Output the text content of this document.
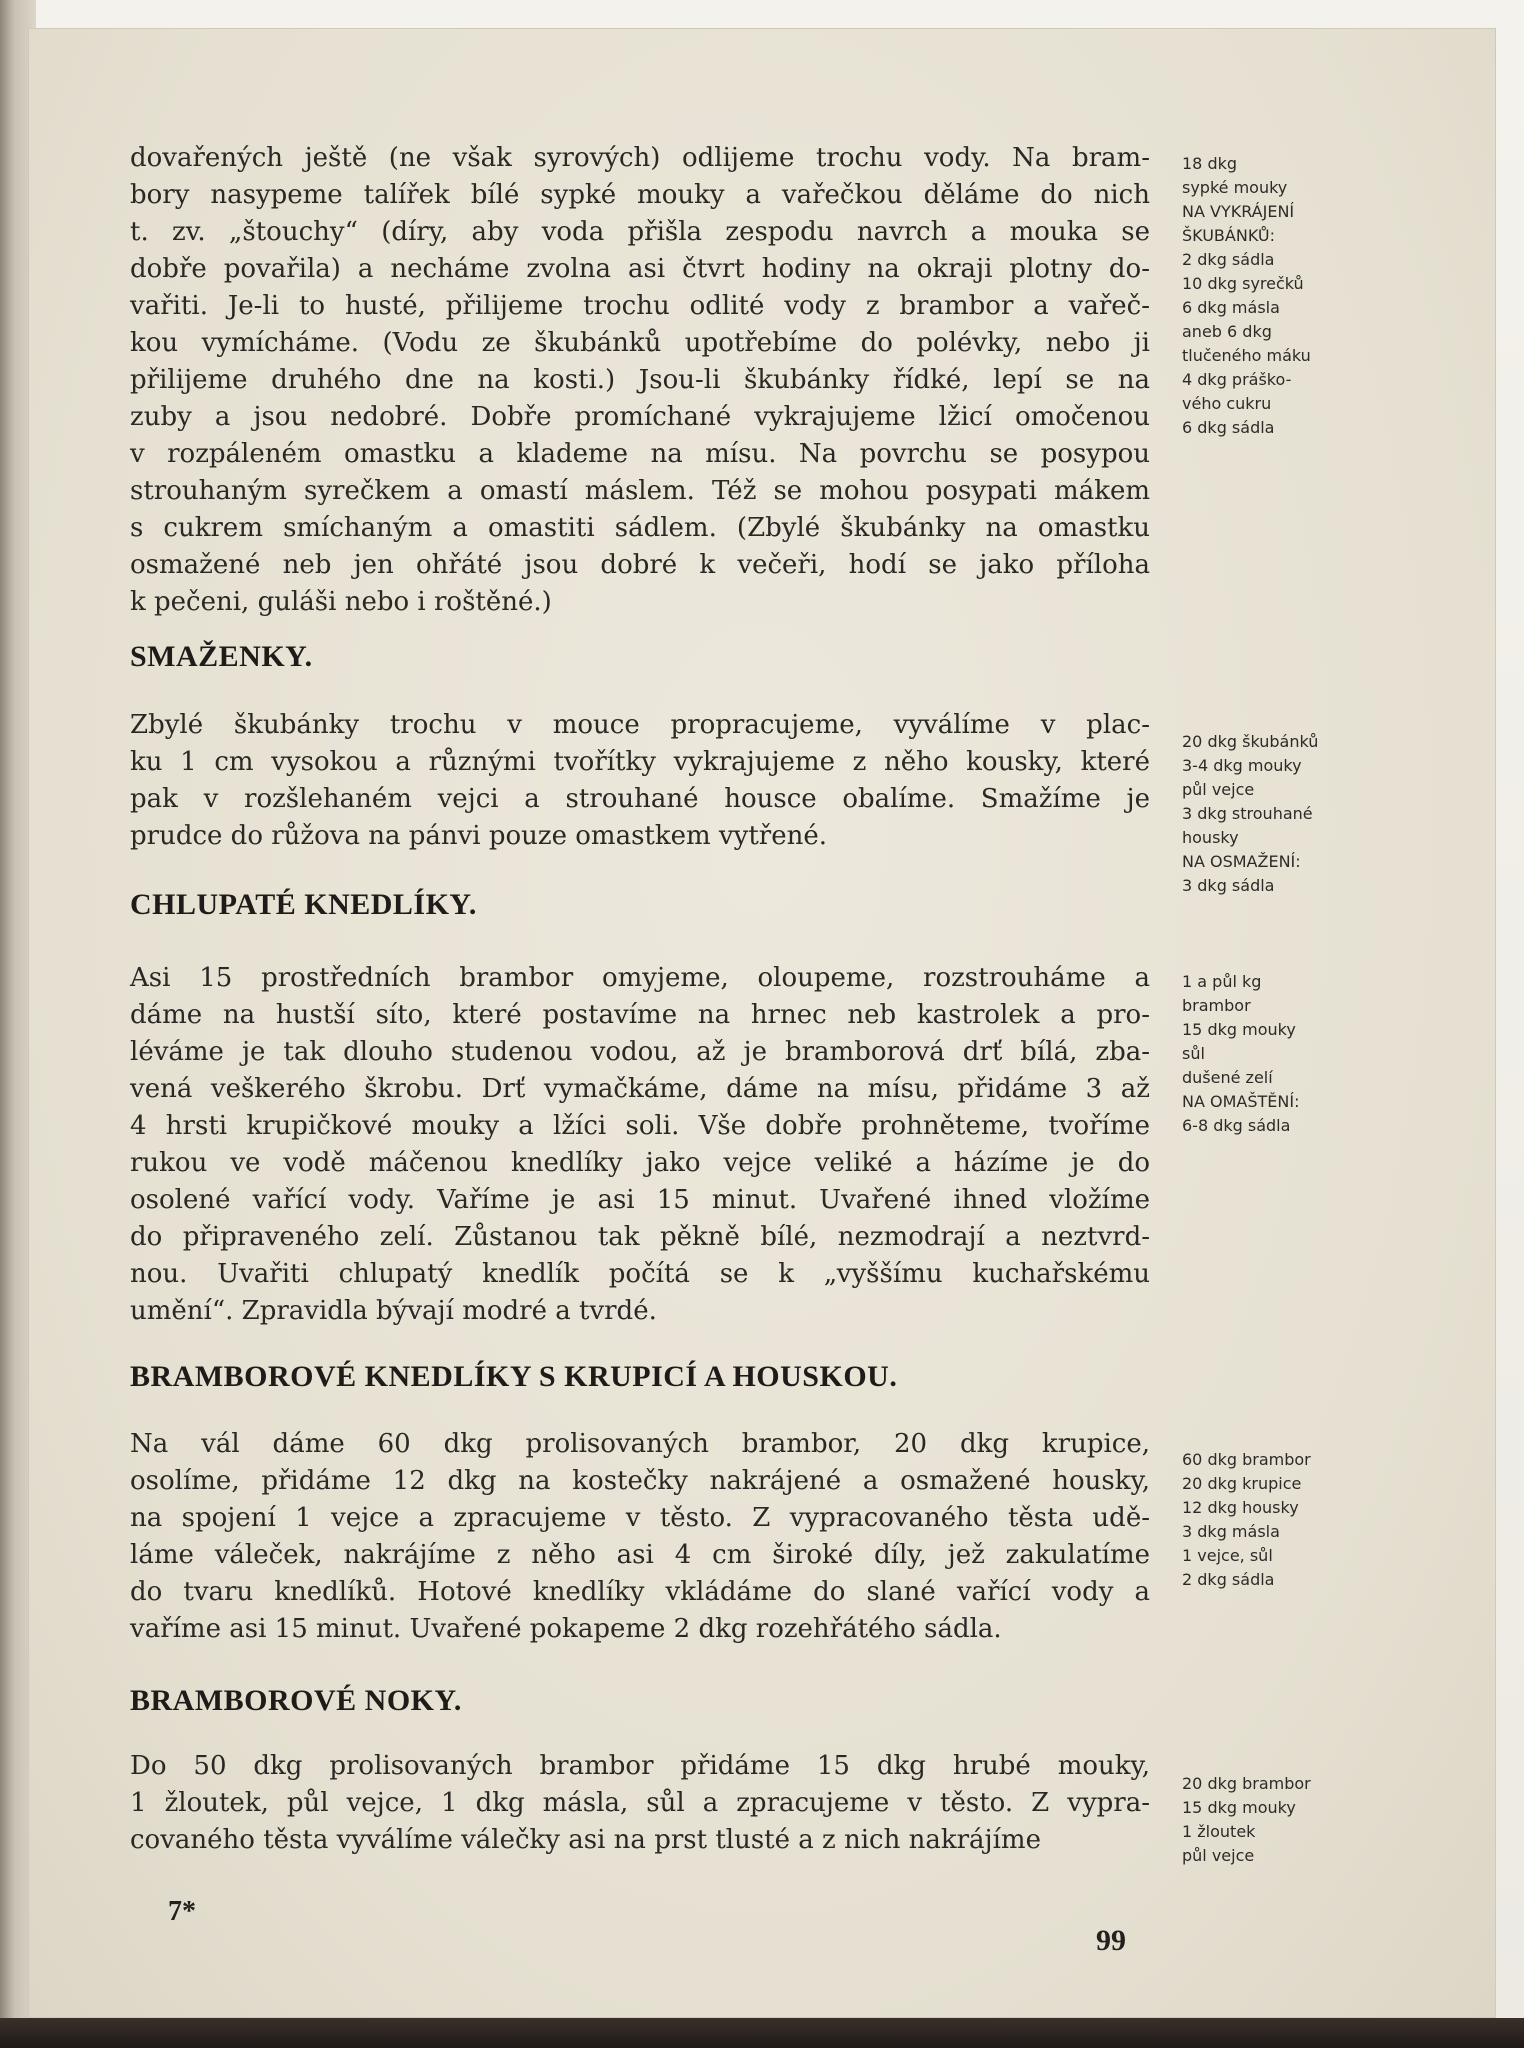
dovařených ještě (ne však syrových) odlijeme trochu vody. Na bram-
bory nasypeme talířek bílé sypké mouky a vařečkou děláme do nich
t. zv. „štouchy“ (díry, aby voda přišla zespodu navrch a mouka se
dobře povařila) a necháme zvolna asi čtvrt hodiny na okraji plotny do-
vařiti. Je-li to husté, přilijeme trochu odlité vody z brambor a vařeč-
kou vymícháme. (Vodu ze škubánků upotřebíme do polévky, nebo ji
přilijeme druhého dne na kosti.) Jsou-li škubánky řídké, lepí se na
zuby a jsou nedobré. Dobře promíchané vykrajujeme lžicí omočenou
v rozpáleném omastku a klademe na mísu. Na povrchu se posypou
strouhaným syrečkem a omastí máslem. Též se mohou posypati mákem
s cukrem smíchaným a omastiti sádlem. (Zbylé škubánky na omastku
osmažené neb jen ohřáté jsou dobré k večeři, hodí se jako příloha
k pečeni, guláši nebo i roštěné.)

18 dkg
sypké mouky
NA VYKRÁJENÍ
ŠKUBÁNKŮ:
2 dkg sádla
10 dkg syrečků
6 dkg másla
aneb 6 dkg
tlučeného máku
4 dkg práško-
vého cukru
6 dkg sádla
SMAŽENKY.

Zbylé škubánky trochu v mouce propracujeme, vyválíme v plac-
ku 1 cm vysokou a různými tvořítky vykrajujeme z něho kousky, které
pak v rozšlehaném vejci a strouhané housce obalíme. Smažíme je
prudce do růžova na pánvi pouze omastkem vytřené.

20 dkg škubánků
3-4 dkg mouky
půl vejce
3 dkg strouhané
housky
NA OSMAŽENÍ:
3 dkg sádla
CHLUPATÉ KNEDLÍKY.

Asi 15 prostředních brambor omyjeme, oloupeme, rozstrouháme a
dáme na hustší síto, které postavíme na hrnec neb kastrolek a pro-
léváme je tak dlouho studenou vodou, až je bramborová drť bílá, zba-
vená veškerého škrobu. Drť vymačkáme, dáme na mísu, přidáme 3 až
4 hrsti krupičkové mouky a lžíci soli. Vše dobře prohněteme, tvoříme
rukou ve vodě máčenou knedlíky jako vejce veliké a házíme je do
osolené vařící vody. Vaříme je asi 15 minut. Uvařené ihned vložíme
do připraveného zelí. Zůstanou tak pěkně bílé, nezmodrají a neztvrd-
nou. Uvařiti chlupatý knedlík počítá se k „vyššímu kuchařskému
umění“. Zpravidla bývají modré a tvrdé.

1 a půl kg
brambor
15 dkg mouky
sůl
dušené zelí
NA OMAŠTĚNÍ:
6-8 dkg sádla
BRAMBOROVÉ KNEDLÍKY S KRUPICÍ A HOUSKOU.

Na vál dáme 60 dkg prolisovaných brambor, 20 dkg krupice,
osolíme, přidáme 12 dkg na kostečky nakrájené a osmažené housky,
na spojení 1 vejce a zpracujeme v těsto. Z vypracovaného těsta udě-
láme váleček, nakrájíme z něho asi 4 cm široké díly, jež zakulatíme
do tvaru knedlíků. Hotové knedlíky vkládáme do slané vařící vody a
vaříme asi 15 minut. Uvařené pokapeme 2 dkg rozehřátého sádla.

60 dkg brambor
20 dkg krupice
12 dkg housky
3 dkg másla
1 vejce, sůl
2 dkg sádla
BRAMBOROVÉ NOKY.

Do 50 dkg prolisovaných brambor přidáme 15 dkg hrubé mouky,
1 žloutek, půl vejce, 1 dkg másla, sůl a zpracujeme v těsto. Z vypra-
covaného těsta vyválíme válečky asi na prst tlusté a z nich nakrájíme

20 dkg brambor
15 dkg mouky
1 žloutek
půl vejce
7*
99
